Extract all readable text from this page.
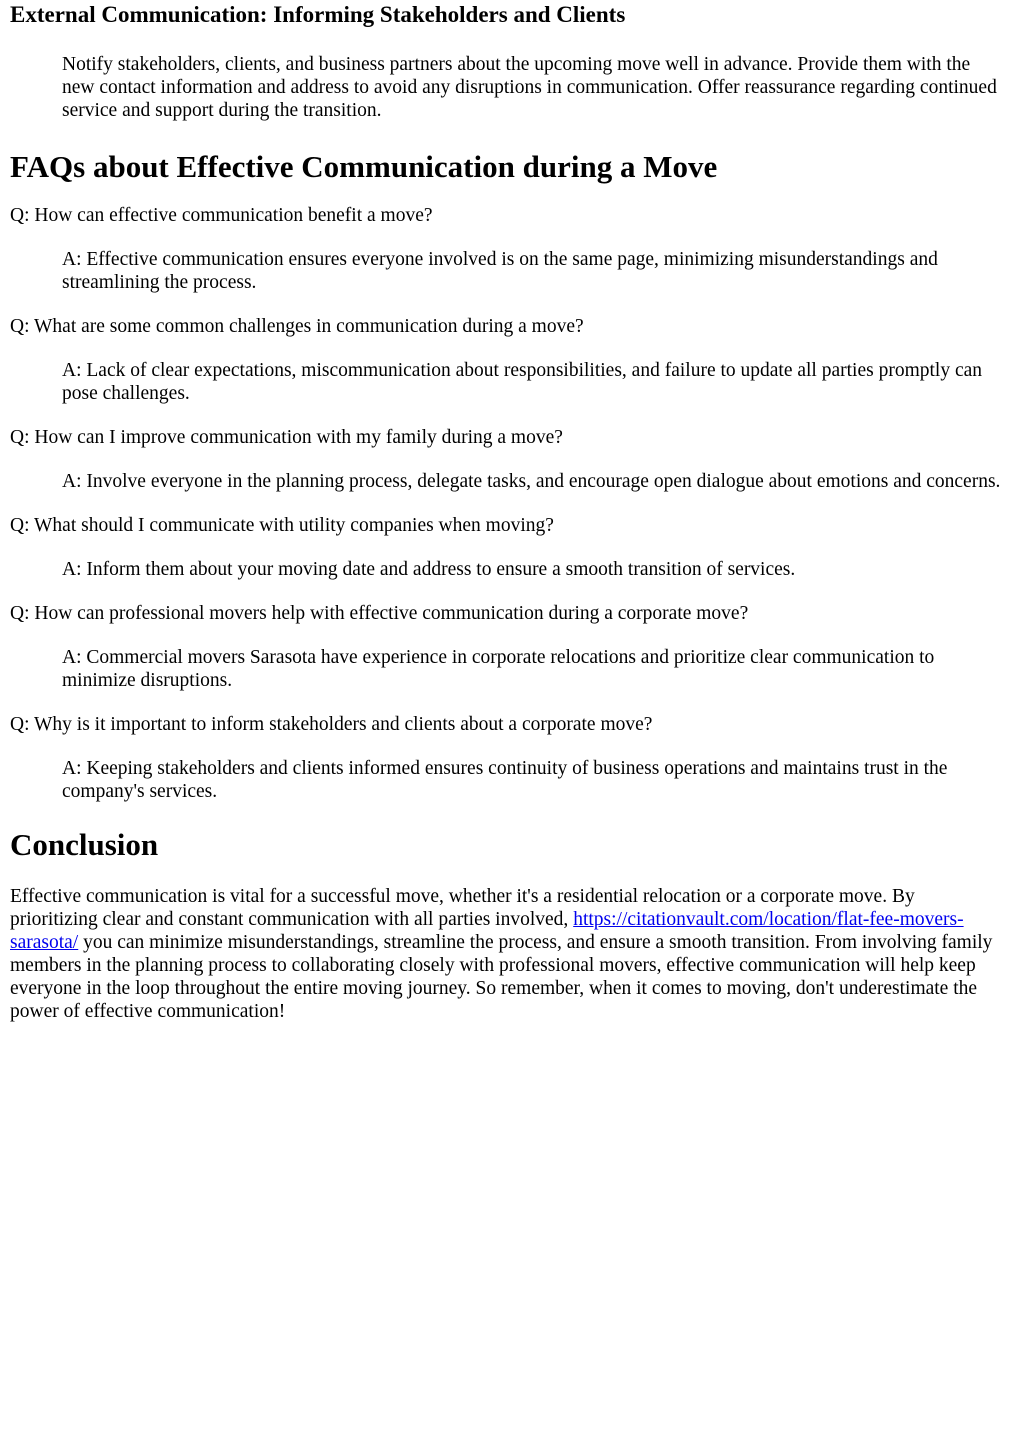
External Communication: Informing Stakeholders and Clients

Notify stakeholders, clients, and business partners about the upcoming move well in advance. Provide them with the new contact information and address to avoid any disruptions in communication. Offer reassurance regarding continued service and support during the transition.

FAQs about Effective Communication during a Move

Q: How can effective communication benefit a move?

A: Effective communication ensures everyone involved is on the same page, minimizing misunderstandings and streamlining the process.

Q: What are some common challenges in communication during a move?

A: Lack of clear expectations, miscommunication about responsibilities, and failure to update all parties promptly can pose challenges.

Q: How can I improve communication with my family during a move?

A: Involve everyone in the planning process, delegate tasks, and encourage open dialogue about emotions and concerns.

Q: What should I communicate with utility companies when moving?

A: Inform them about your moving date and address to ensure a smooth transition of services.

Q: How can professional movers help with effective communication during a corporate move?

A: Commercial movers Sarasota have experience in corporate relocations and prioritize clear communication to minimize disruptions.

Q: Why is it important to inform stakeholders and clients about a corporate move?

A: Keeping stakeholders and clients informed ensures continuity of business operations and maintains trust in the company's services.

Conclusion

Effective communication is vital for a successful move, whether it's a residential relocation or a corporate move. By prioritizing clear and constant communication with all parties involved, https://citationvault.com/location/flat-fee-movers-sarasota/ you can minimize misunderstandings, streamline the process, and ensure a smooth transition. From involving family members in the planning process to collaborating closely with professional movers, effective communication will help keep everyone in the loop throughout the entire moving journey. So remember, when it comes to moving, don't underestimate the power of effective communication!
